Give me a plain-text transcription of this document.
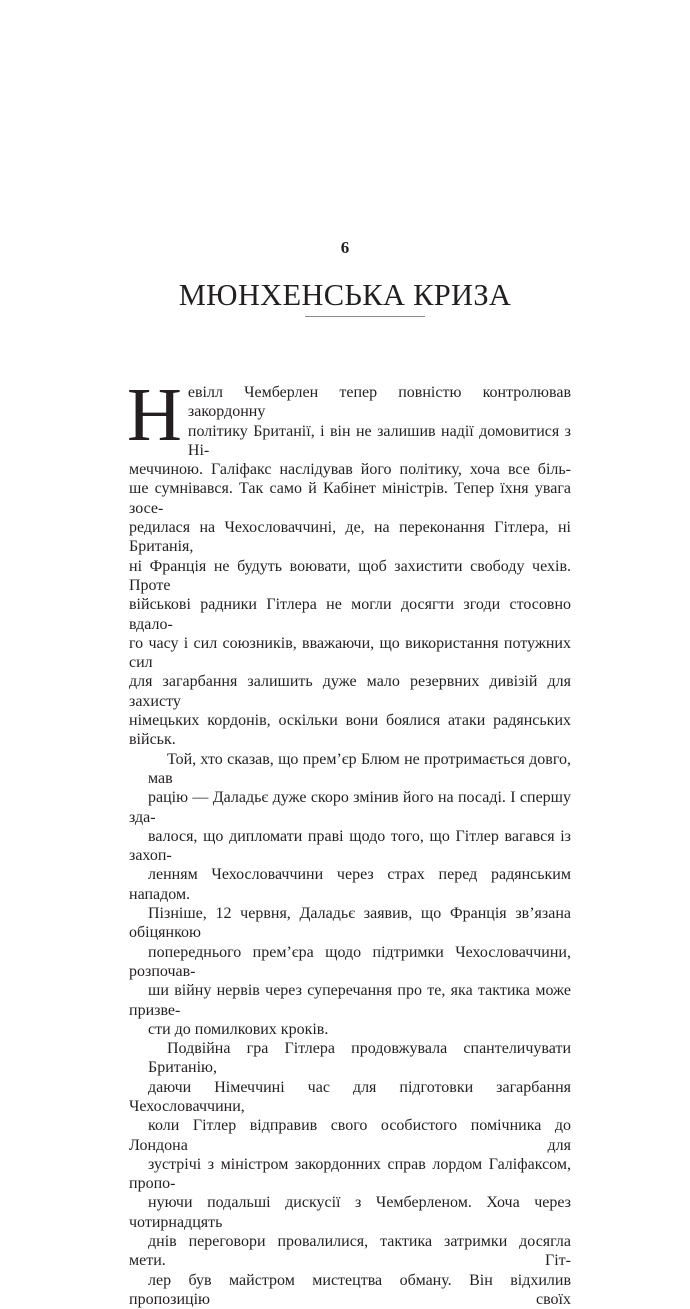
6
МЮНХЕНСЬКА КРИЗА

Н евілл Чемберлен тепер повністю контролював закордонну
політику Британії, і він не залишив надії домовитися з Ні-
меччиною. Галіфакс наслідував його політику, хоча все біль-
ше сумнівався. Так само й Кабінет міністрів. Тепер їхня увага зосе-
редилася на Чехословаччині, де, на переконання Гітлера, ні Британія,
ні Франція не будуть воювати, щоб захистити свободу чехів. Проте
військові радники Гітлера не могли досягти згоди стосовно вдало-
го часу і сил союзників, вважаючи, що використання потужних сил
для загарбання залишить дуже мало резервних дивізій для захисту
німецьких кордонів, оскільки вони боялися атаки радянських військ.

Той, хто сказав, що прем’єр Блюм не протримається довго, мав
рацію — Даладьє дуже скоро змінив його на посаді. І спершу зда-
валося, що дипломати праві щодо того, що Гітлер вагався із захоп-
ленням Чехословаччини через страх перед радянським нападом.
Пізніше, 12 червня, Даладьє заявив, що Франція зв’язана обіцянкою
попереднього прем’єра щодо підтримки Чехословаччини, розпочав-
ши війну нервів через суперечання про те, яка тактика може призве-
сти до помилкових кроків.

Подвійна гра Гітлера продовжувала спантеличувати Британію,
даючи Німеччині час для підготовки загарбання Чехословаччини,
коли Гітлер відправив свого особистого помічника до Лондона для
зустрічі з міністром закордонних справ лордом Галіфаксом, пропо-
нуючи подальші дискусії з Чемберленом. Хоча через чотирнадцять
днів переговори провалилися, тактика затримки досягла мети. Гіт-
лер був майстром мистецтва обману. Він відхилив пропозицію своїх
